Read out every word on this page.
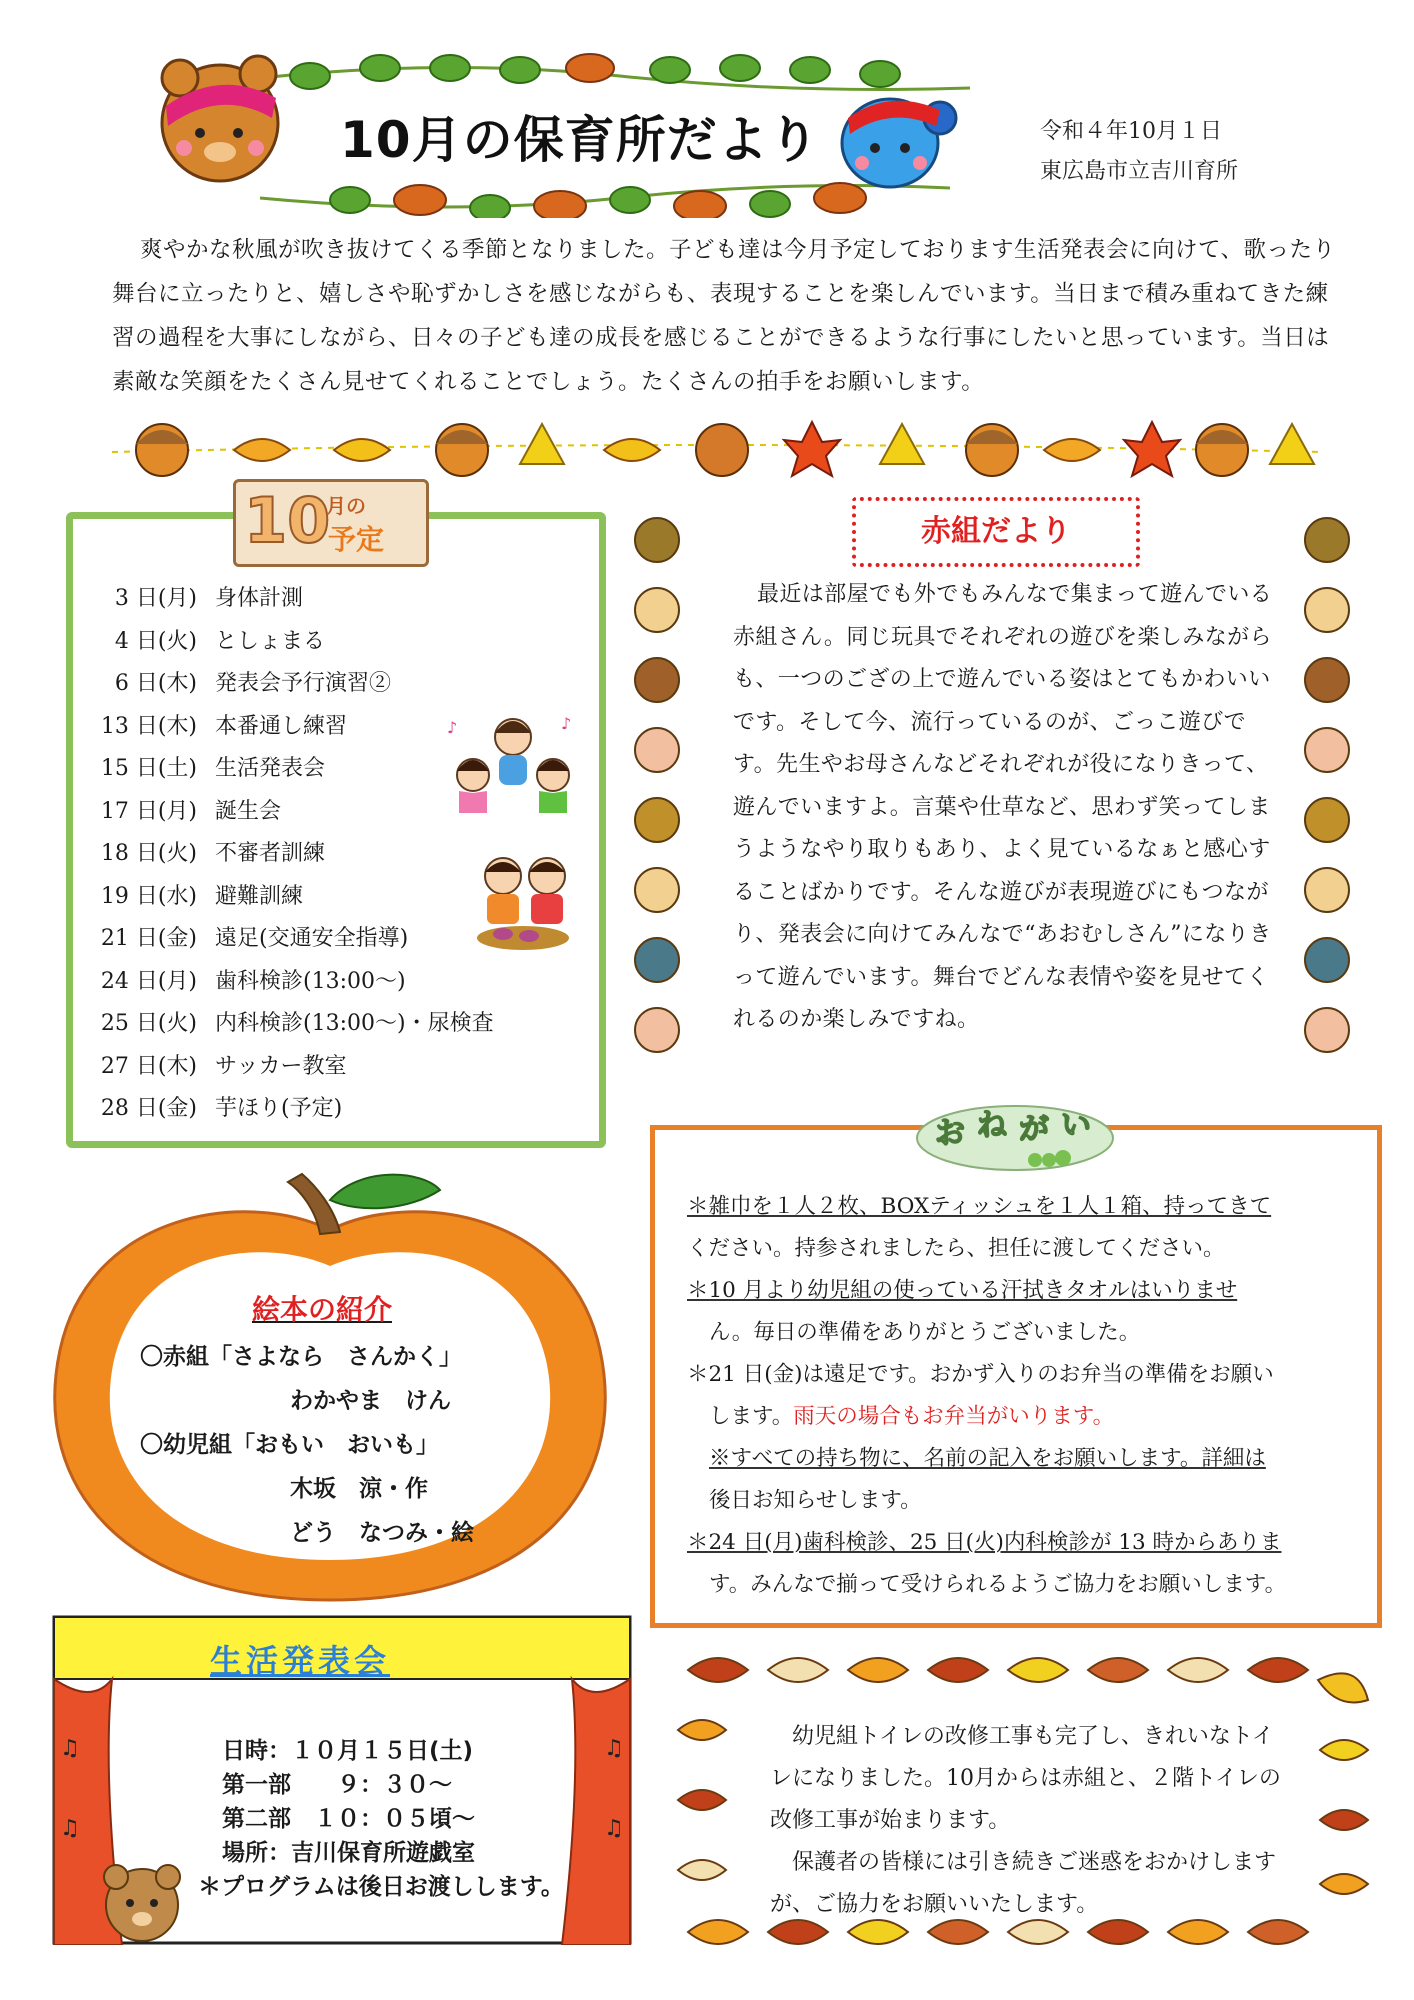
10月の保育所だより	令和４年10月１日
東広島市立吉川育所
爽やかな秋風が吹き抜けてくる季節となりました。子ども達は今月予定しております生活発表会に向けて、歌ったり舞台に立ったりと、嬉しさや恥ずかしさを感じながらも、表現することを楽しんでいます。当日まで積み重ねてきた練習の過程を大事にしながら、日々の子ども達の成長を感じることができるような行事にしたいと思っています。当日は素敵な笑顔をたくさん見せてくれることでしょう。たくさんの拍手をお願いします。
10
月の
予定
3 日(月) 身体計測
4 日(火) としょまる
6 日(木) 発表会予行演習②
13 日(木) 本番通し練習
15 日(土) 生活発表会
17 日(月) 誕生会
18 日(火) 不審者訓練
19 日(水) 避難訓練
21 日(金) 遠足(交通安全指導)
24 日(月) 歯科検診(13:00～)
25 日(火) 内科検診(13:00～)・尿検査
27 日(木) サッカー教室
28 日(金) 芋ほり(予定)
♪	♪
赤組だより
最近は部屋でも外でもみんなで集まって遊んでいる赤組さん。同じ玩具でそれぞれの遊びを楽しみながらも、一つのござの上で遊んでいる姿はとてもかわいいです。そして今、流行っているのが、ごっこ遊びです。先生やお母さんなどそれぞれが役になりきって、遊んでいますよ。言葉や仕草など、思わず笑ってしまうようなやり取りもあり、よく見ているなぁと感心することばかりです。そんな遊びが表現遊びにもつながり、発表会に向けてみんなで“あおむしさん”になりきって遊んでいます。舞台でどんな表情や姿を見せてくれるのか楽しみですね。
お ね が い
＊雑巾を１人２枚、BOXティッシュを１人１箱、持ってきて
ください。持参されましたら、担任に渡してください。
＊10 月より幼児組の使っている汗拭きタオルはいりませ
ん。毎日の準備をありがとうございました。
＊21 日(金)は遠足です。おかず入りのお弁当の準備をお願い
します。雨天の場合もお弁当がいります。
※すべての持ち物に、名前の記入をお願いします。詳細は
後日お知らせします。
＊24 日(月)歯科検診、25 日(火)内科検診が 13 時からありま
す。みんなで揃って受けられるようご協力をお願いします。
絵本の紹介
〇赤組「さよなら　さんかく」
わかやま　けん
〇幼児組「おもい　おいも」
木坂　涼・作
どう　なつみ・絵
♫	♫
♫	♫
生活発表会
日時：１０月１５日(土)
第一部　　９：３０～
第二部　１０：０５頃～
場所：吉川保育所遊戯室
＊プログラムは後日お渡しします。
幼児組トイレの改修工事も完了し、きれいなトイレになりました。10月からは赤組と、２階トイレの改修工事が始まります。
保護者の皆様には引き続きご迷惑をおかけしますが、ご協力をお願いいたします。
